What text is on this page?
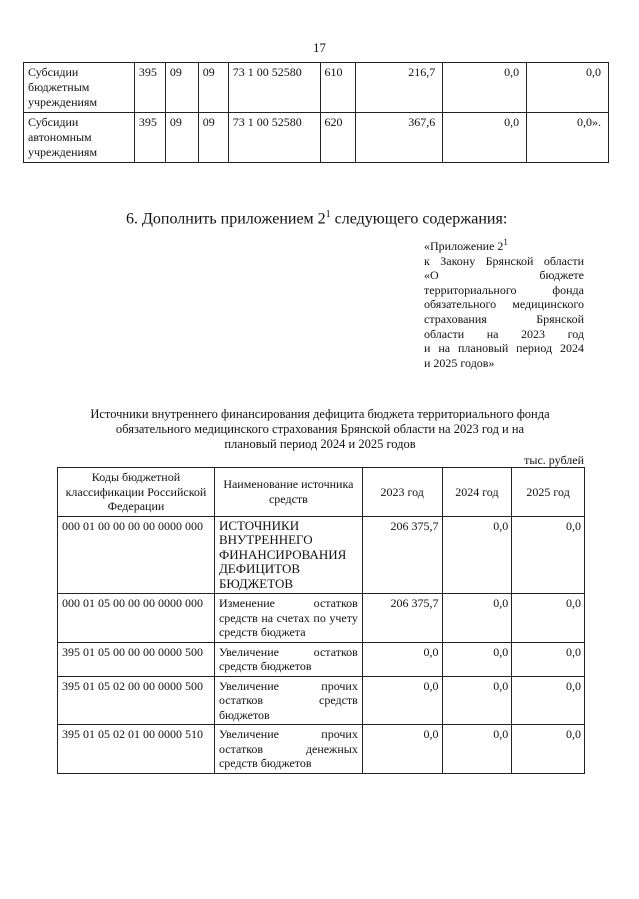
17
Субсидии бюджетным учреждениям	395	09	09	73 1 00 52580	610	216,7	0,0	0,0
Субсидии автономным учреждениям	395	09	09	73 1 00 52580	620	367,6	0,0	0,0».
6. Дополнить приложением $2^1$ следующего содержания:
«Приложение $2^1$
к Закону Брянской области
«О бюджете
территориального фонда
обязательного медицинского
страхования Брянской
области на 2023 год
и на плановый период 2024
и 2025 годов»
Источники внутреннего финансирования дефицита бюджета территориального фонда обязательного медицинского страхования Брянской области на 2023 год и на плановый период 2024 и 2025 годов
тыс. рублей
Коды бюджетной классификации Российской Федерации	Наименование источника средств	2023 год	2024 год	2025 год
000 01 00 00 00 00 0000 000	ИСТОЧНИКИ ВНУТРЕННЕГО ФИНАНСИРОВАНИЯ ДЕФИЦИТОВ БЮДЖЕТОВ	206 375,7	0,0	0,0
000 01 05 00 00 00 0000 000	Изменение остатков средств на счетах по учету средств бюджета	206 375,7	0,0	0,0
395 01 05 00 00 00 0000 500	Увеличение остатков средств бюджетов	0,0	0,0	0,0
395 01 05 02 00 00 0000 500	Увеличение прочих остатков средств бюджетов	0,0	0,0	0,0
395 01 05 02 01 00 0000 510	Увеличение прочих остатков денежных средств бюджетов	0,0	0,0	0,0
